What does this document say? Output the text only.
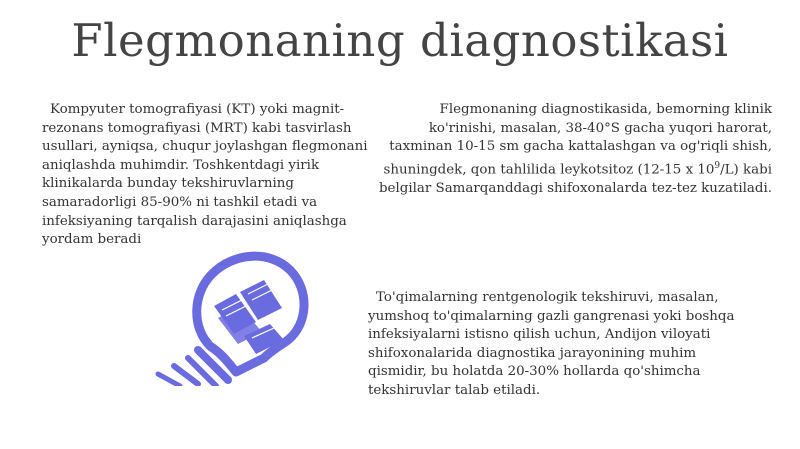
Flegmonaning diagnostikasi

Kompyuter tomografiyasi (KT) yoki magnit-rezonans tomografiyasi (MRT) kabi tasvirlash usullari, ayniqsa, chuqur joylashgan flegmonani aniqlashda muhimdir. Toshkentdagi yirik klinikalarda bunday tekshiruvlarning samaradorligi 85-90% ni tashkil etadi va infeksiyaning tarqalish darajasini aniqlashga yordam beradi

Flegmonaning diagnostikasida, bemorning klinik ko'rinishi, masalan, 38-40°S gacha yuqori harorat, taxminan 10-15 sm gacha kattalashgan va og'riqli shish, shuningdek, qon tahlilida leykotsitoz (12-15 x $10^9/L$) kabi belgilar Samarqanddagi shifoxonalarda tez-tez kuzatiladi.

To'qimalarning rentgenologik tekshiruvi, masalan, yumshoq to'qimalarning gazli gangrenasi yoki boshqa infeksiyalarni istisno qilish uchun, Andijon viloyati shifoxonalarida diagnostika jarayonining muhim qismidir, bu holatda 20-30% hollarda qo'shimcha tekshiruvlar talab etiladi.
